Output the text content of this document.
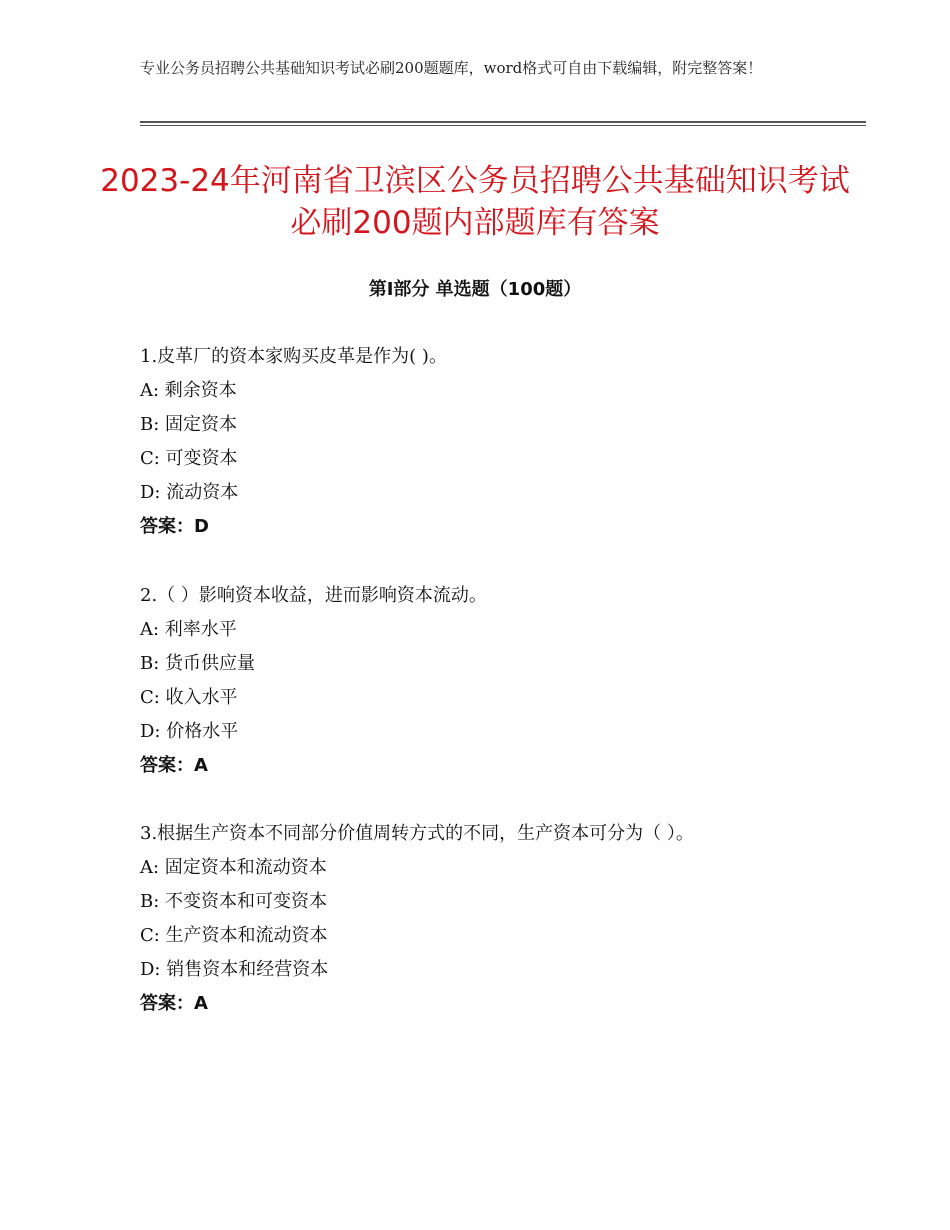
专业公务员招聘公共基础知识考试必刷200题题库，word格式可自由下载编辑，附完整答案！
2023-24年河南省卫滨区公务员招聘公共基础知识考试必刷200题内部题库有答案
第Ⅰ部分 单选题（100题）

1.皮革厂的资本家购买皮革是作为( )。

A: 剩余资本

B: 固定资本

C: 可变资本

D: 流动资本

答案：D

2.（ ）影响资本收益，进而影响资本流动。

A: 利率水平

B: 货币供应量

C: 收入水平

D: 价格水平

答案：A

3.根据生产资本不同部分价值周转方式的不同，生产资本可分为（ ）。

A: 固定资本和流动资本

B: 不变资本和可变资本

C: 生产资本和流动资本

D: 销售资本和经营资本

答案：A
